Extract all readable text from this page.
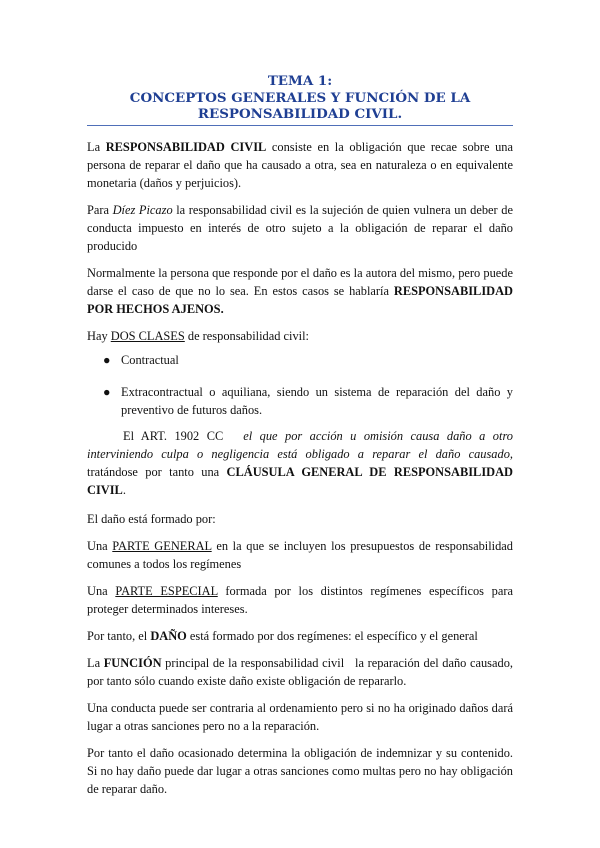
TEMA 1:
CONCEPTOS GENERALES Y FUNCIÓN DE LA
RESPONSABILIDAD CIVIL.

La RESPONSABILIDAD CIVIL consiste en la obligación que recae sobre una persona de reparar el daño que ha causado a otra, sea en naturaleza o en equivalente monetaria (daños y perjuicios).

Para Díez Picazo la responsabilidad civil es la sujeción de quien vulnera un deber de conducta impuesto en interés de otro sujeto a la obligación de reparar el daño producido

Normalmente la persona que responde por el daño es la autora del mismo, pero puede darse el caso de que no lo sea. En estos casos se hablaría RESPONSABILIDAD POR HECHOS AJENOS.

Hay DOS CLASES de responsabilidad civil:

● Contractual
● Extracontractual o aquiliana, siendo un sistema de reparación del daño y preventivo de futuros daños.

El ART. 1902 CC el que por acción u omisión causa daño a otro interviniendo culpa o negligencia está obligado a reparar el daño causado, tratándose por tanto una CLÁUSULA GENERAL DE RESPONSABILIDAD CIVIL.

El daño está formado por:

Una PARTE GENERAL en la que se incluyen los presupuestos de responsabilidad comunes a todos los regímenes

Una PARTE ESPECIAL formada por los distintos regímenes específicos para proteger determinados intereses.

Por tanto, el DAÑO está formado por dos regímenes: el específico y el general

La FUNCIÓN principal de la responsabilidad civil   la reparación del daño causado, por tanto sólo cuando existe daño existe obligación de repararlo.

Una conducta puede ser contraria al ordenamiento pero si no ha originado daños dará lugar a otras sanciones pero no a la reparación.

Por tanto el daño ocasionado determina la obligación de indemnizar y su contenido. Si no hay daño puede dar lugar a otras sanciones como multas pero no hay obligación de reparar daño.
